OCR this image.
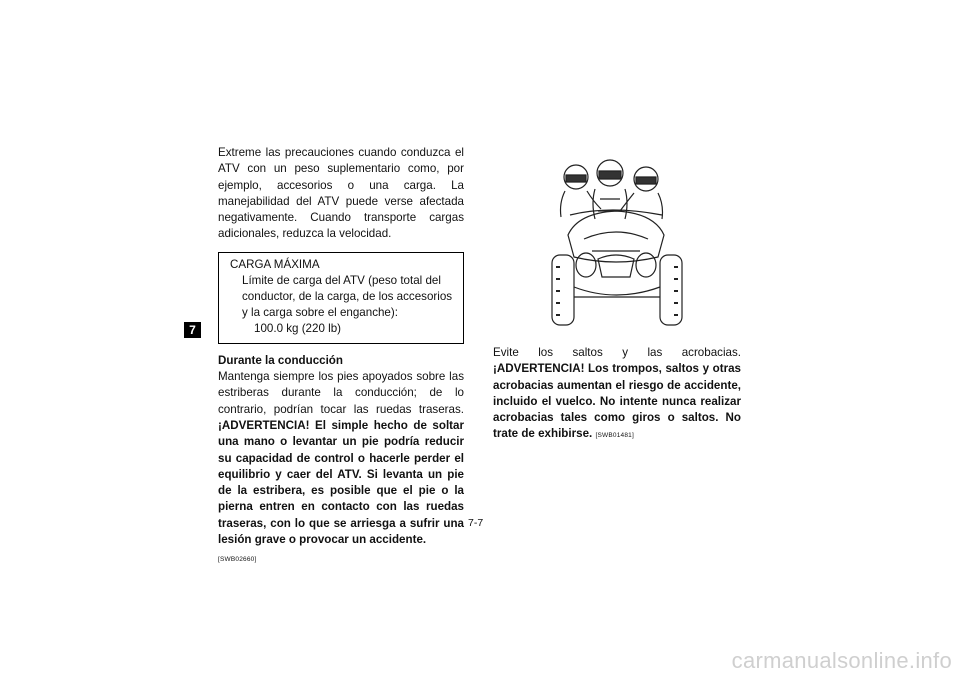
7

Extreme las precauciones cuando conduzca el ATV con un peso suplementario como, por ejemplo, accesorios o una carga. La manejabilidad del ATV puede verse afectada negativamente. Cuando transporte cargas adicionales, reduzca la velocidad.

CARGA MÁXIMA
Límite de carga del ATV (peso total del conductor, de la carga, de los accesorios y la carga sobre el enganche):
100.0 kg (220 lb)
Durante la conducción

Mantenga siempre los pies apoyados sobre las estriberas durante la conducción; de lo contrario, podrían tocar las ruedas traseras. ¡ADVERTENCIA! El simple hecho de soltar una mano o levantar un pie podría reducir su capacidad de control o hacerle perder el equilibrio y caer del ATV. Si levanta un pie de la estribera, es posible que el pie o la pierna entren en contacto con las ruedas traseras, con lo que se arriesga a sufrir una lesión grave o provocar un accidente.
[SWB02660]

Evite los saltos y las acrobacias. ¡ADVERTENCIA! Los trompos, saltos y otras acrobacias aumentan el riesgo de accidente, incluido el vuelco. No intente nunca realizar acrobacias tales como giros o saltos. No trate de exhibirse. [SWB01481]

7-7
carmanualsonline.info
